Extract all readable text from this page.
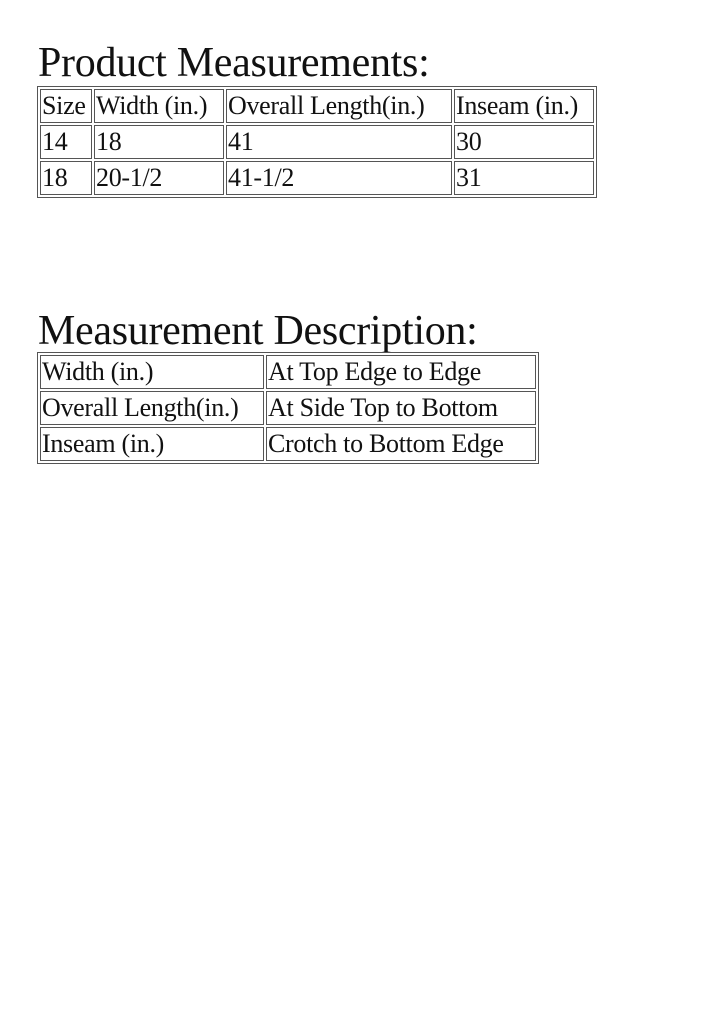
Product Measurements:
Size	Width (in.)	Overall Length(in.)	Inseam (in.)
14	18	41	30
18	20-1/2	41-1/2	31
Measurement Description:
Width (in.)	At Top Edge to Edge
Overall Length(in.)	At Side Top to Bottom
Inseam (in.)	Crotch to Bottom Edge
